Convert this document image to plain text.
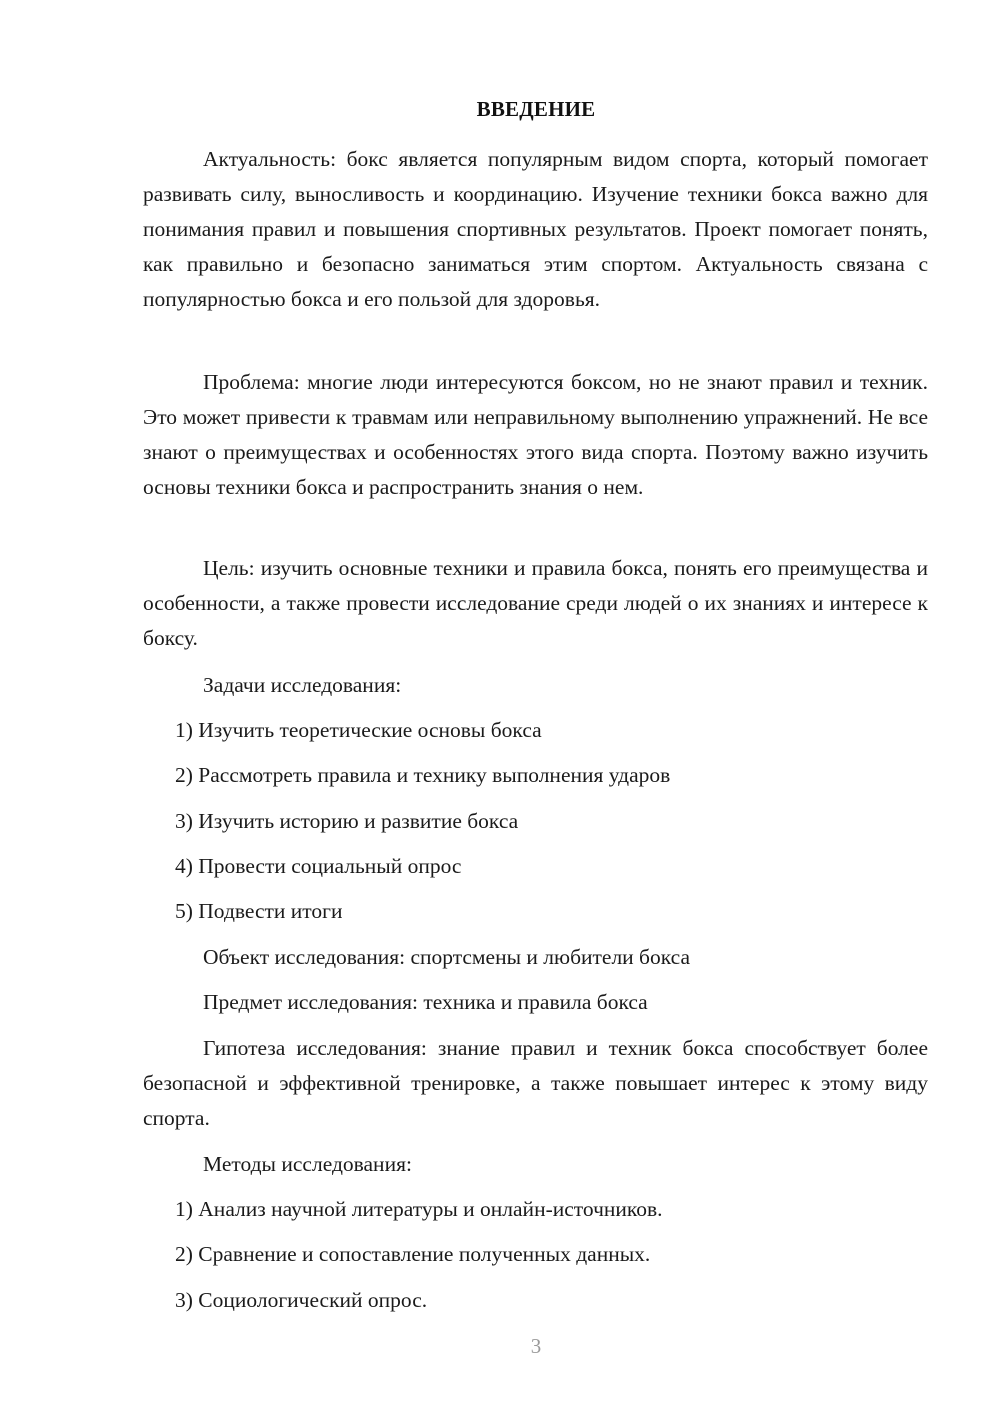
ВВЕДЕНИЕ

Актуальность: бокс является популярным видом спорта, который помогает развивать силу, выносливость и координацию. Изучение техники бокса важно для понимания правил и повышения спортивных результатов. Проект помогает понять, как правильно и безопасно заниматься этим спортом. Актуальность связана с популярностью бокса и его пользой для здоровья.

Проблема: многие люди интересуются боксом, но не знают правил и техник. Это может привести к травмам или неправильному выполнению упражнений. Не все знают о преимуществах и особенностях этого вида спорта. Поэтому важно изучить основы техники бокса и распространить знания о нем.

Цель: изучить основные техники и правила бокса, понять его преимущества и особенности, а также провести исследование среди людей о их знаниях и интересе к боксу.

Задачи исследования:
1) Изучить теоретические основы бокса
2) Рассмотреть правила и технику выполнения ударов
3) Изучить историю и развитие бокса
4) Провести социальный опрос
5) Подвести итоги
Объект исследования: спортсмены и любители бокса
Предмет исследования: техника и правила бокса

Гипотеза исследования: знание правил и техник бокса способствует более безопасной и эффективной тренировке, а также повышает интерес к этому виду спорта.

Методы исследования:
1) Анализ научной литературы и онлайн-источников.
2) Сравнение и сопоставление полученных данных.
3) Социологический опрос.
3
